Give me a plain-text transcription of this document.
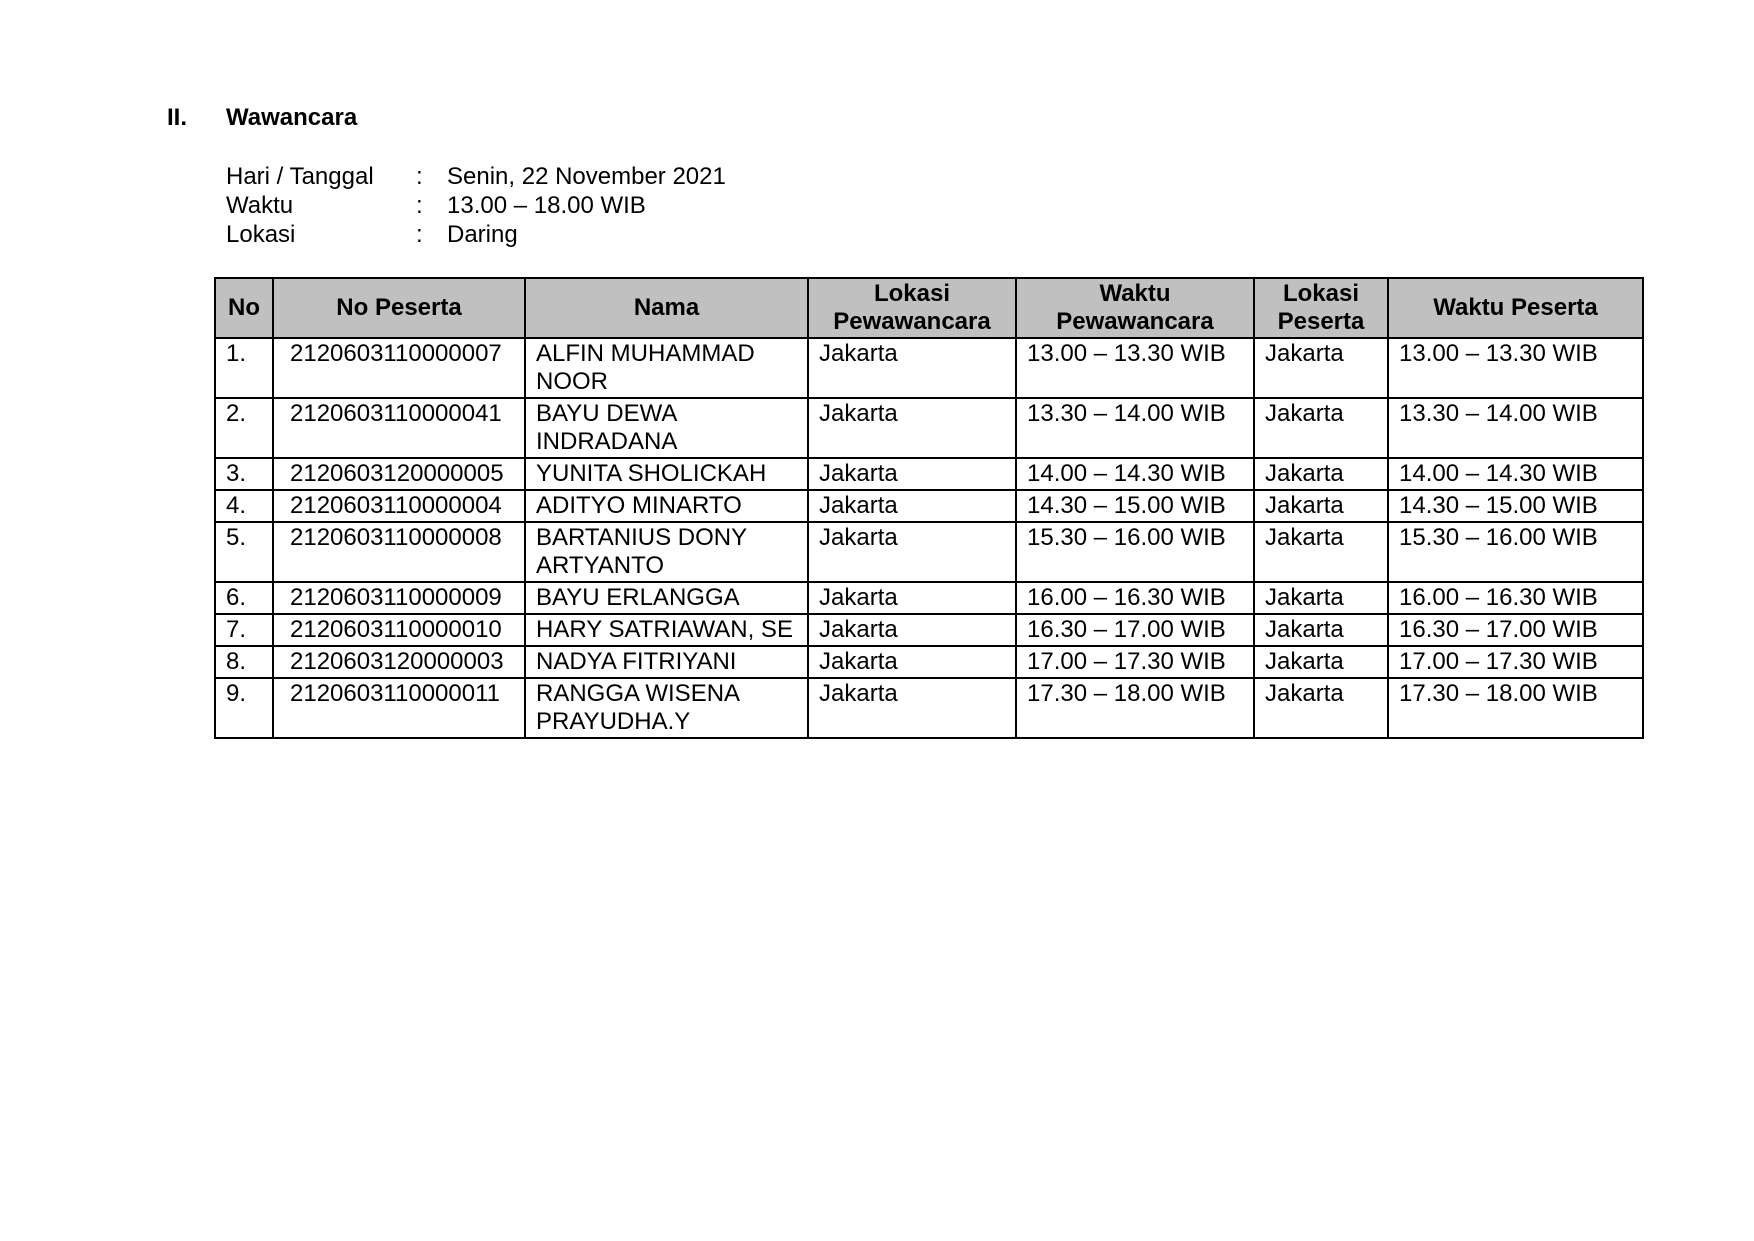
II. Wawancara
Hari / Tanggal	:	Senin, 22 November 2021
Waktu	:	13.00 – 18.00 WIB
Lokasi	:	Daring
No	No Peserta	Nama	Lokasi Pewawancara	Waktu Pewawancara	Lokasi Peserta	Waktu Peserta
1.	2120603110000007	ALFIN MUHAMMAD NOOR	Jakarta	13.00 – 13.30 WIB	Jakarta	13.00 – 13.30 WIB
2.	2120603110000041	BAYU DEWA INDRADANA	Jakarta	13.30 – 14.00 WIB	Jakarta	13.30 – 14.00 WIB
3.	2120603120000005	YUNITA SHOLICKAH	Jakarta	14.00 – 14.30 WIB	Jakarta	14.00 – 14.30 WIB
4.	2120603110000004	ADITYO MINARTO	Jakarta	14.30 – 15.00 WIB	Jakarta	14.30 – 15.00 WIB
5.	2120603110000008	BARTANIUS DONY ARTYANTO	Jakarta	15.30 – 16.00 WIB	Jakarta	15.30 – 16.00 WIB
6.	2120603110000009	BAYU ERLANGGA	Jakarta	16.00 – 16.30 WIB	Jakarta	16.00 – 16.30 WIB
7.	2120603110000010	HARY SATRIAWAN, SE	Jakarta	16.30 – 17.00 WIB	Jakarta	16.30 – 17.00 WIB
8.	2120603120000003	NADYA FITRIYANI	Jakarta	17.00 – 17.30 WIB	Jakarta	17.00 – 17.30 WIB
9.	2120603110000011	RANGGA WISENA PRAYUDHA.Y	Jakarta	17.30 – 18.00 WIB	Jakarta	17.30 – 18.00 WIB
